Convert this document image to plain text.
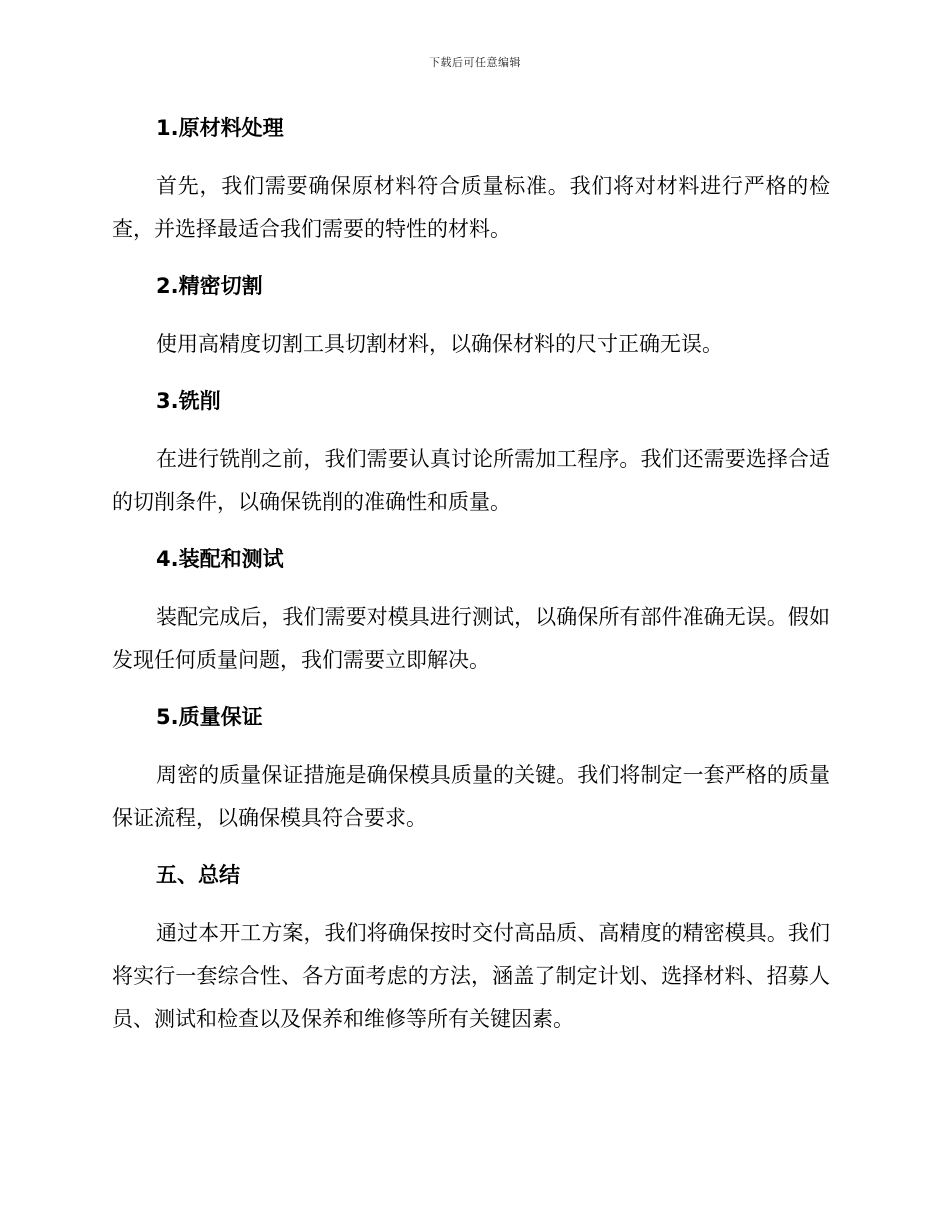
下载后可任意编辑
1.原材料处理

首先，我们需要确保原材料符合质量标准。我们将对材料进行严格的检查，并选择最适合我们需要的特性的材料。

2.精密切割

使用高精度切割工具切割材料，以确保材料的尺寸正确无误。

3.铣削

在进行铣削之前，我们需要认真讨论所需加工程序。我们还需要选择合适的切削条件，以确保铣削的准确性和质量。

4.装配和测试

装配完成后，我们需要对模具进行测试，以确保所有部件准确无误。假如发现任何质量问题，我们需要立即解决。

5.质量保证

周密的质量保证措施是确保模具质量的关键。我们将制定一套严格的质量保证流程，以确保模具符合要求。

五、总结

通过本开工方案，我们将确保按时交付高品质、高精度的精密模具。我们将实行一套综合性、各方面考虑的方法，涵盖了制定计划、选择材料、招募人员、测试和检查以及保养和维修等所有关键因素。
